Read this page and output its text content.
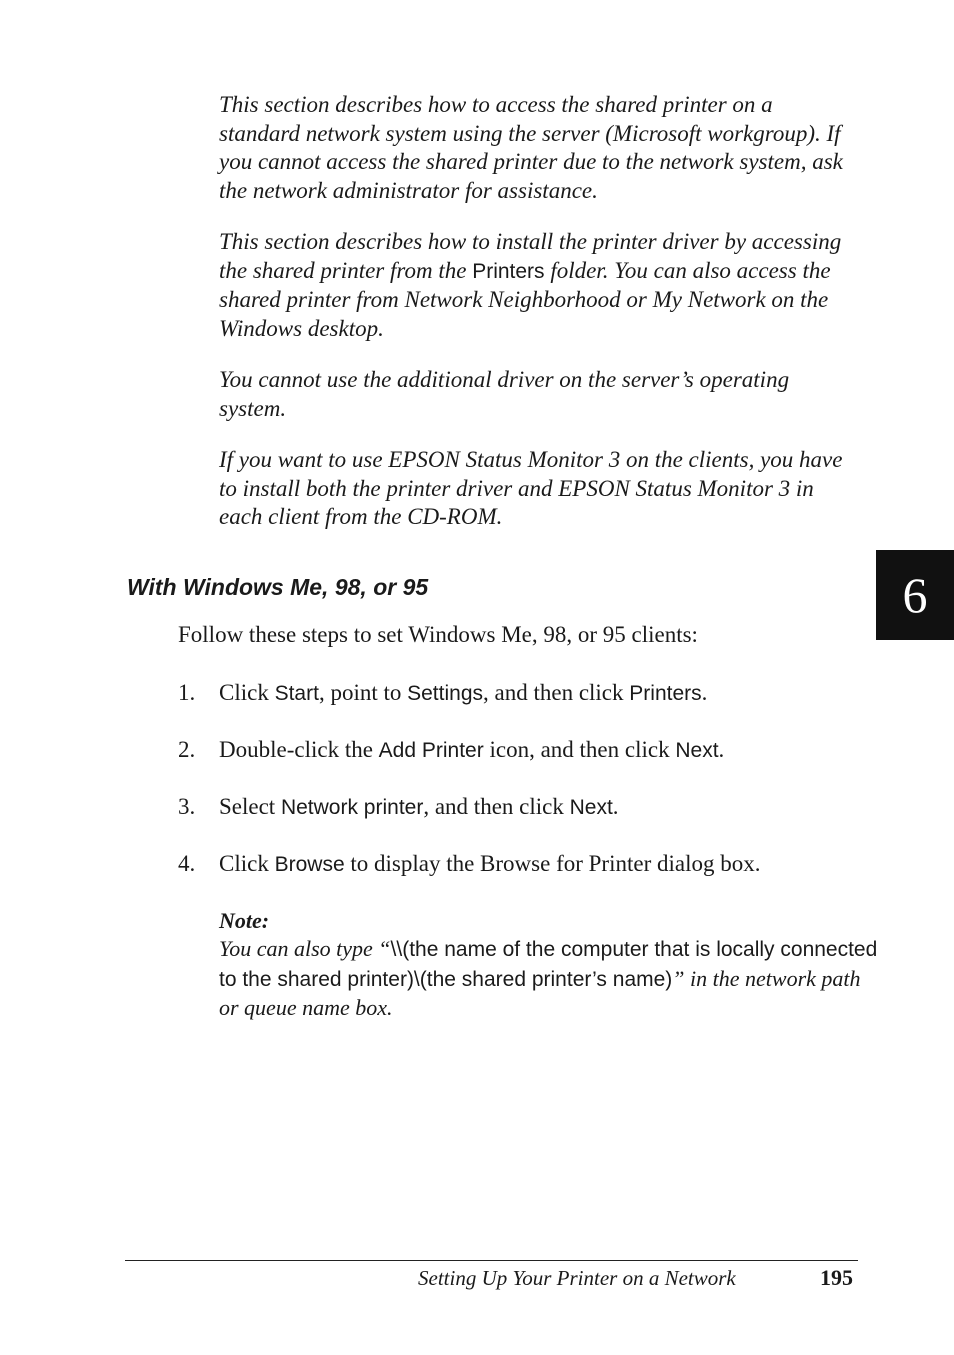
This section describes how to access the shared printer on a standard network system using the server (Microsoft workgroup). If you cannot access the shared printer due to the network system, ask the network administrator for assistance.

This section describes how to install the printer driver by accessing the shared printer from the Printers folder. You can also access the shared printer from Network Neighborhood or My Network on the Windows desktop.

You cannot use the additional driver on the server’s operating system.

If you want to use EPSON Status Monitor 3 on the clients, you have to install both the printer driver and EPSON Status Monitor 3 in each client from the CD-ROM.

With Windows Me, 98, or 95	6

Follow these steps to set Windows Me, 98, or 95 clients:

1. Click Start, point to Settings, and then click Printers.
2. Double-click the Add Printer icon, and then click Next.
3. Select Network printer, and then click Next.
4. Click Browse to display the Browse for Printer dialog box.

Note:

You can also type “\\(the name of the computer that is locally connected to the shared printer)\(the shared printer’s name)” in the network path or queue name box.

Setting Up Your Printer on a Network	195
